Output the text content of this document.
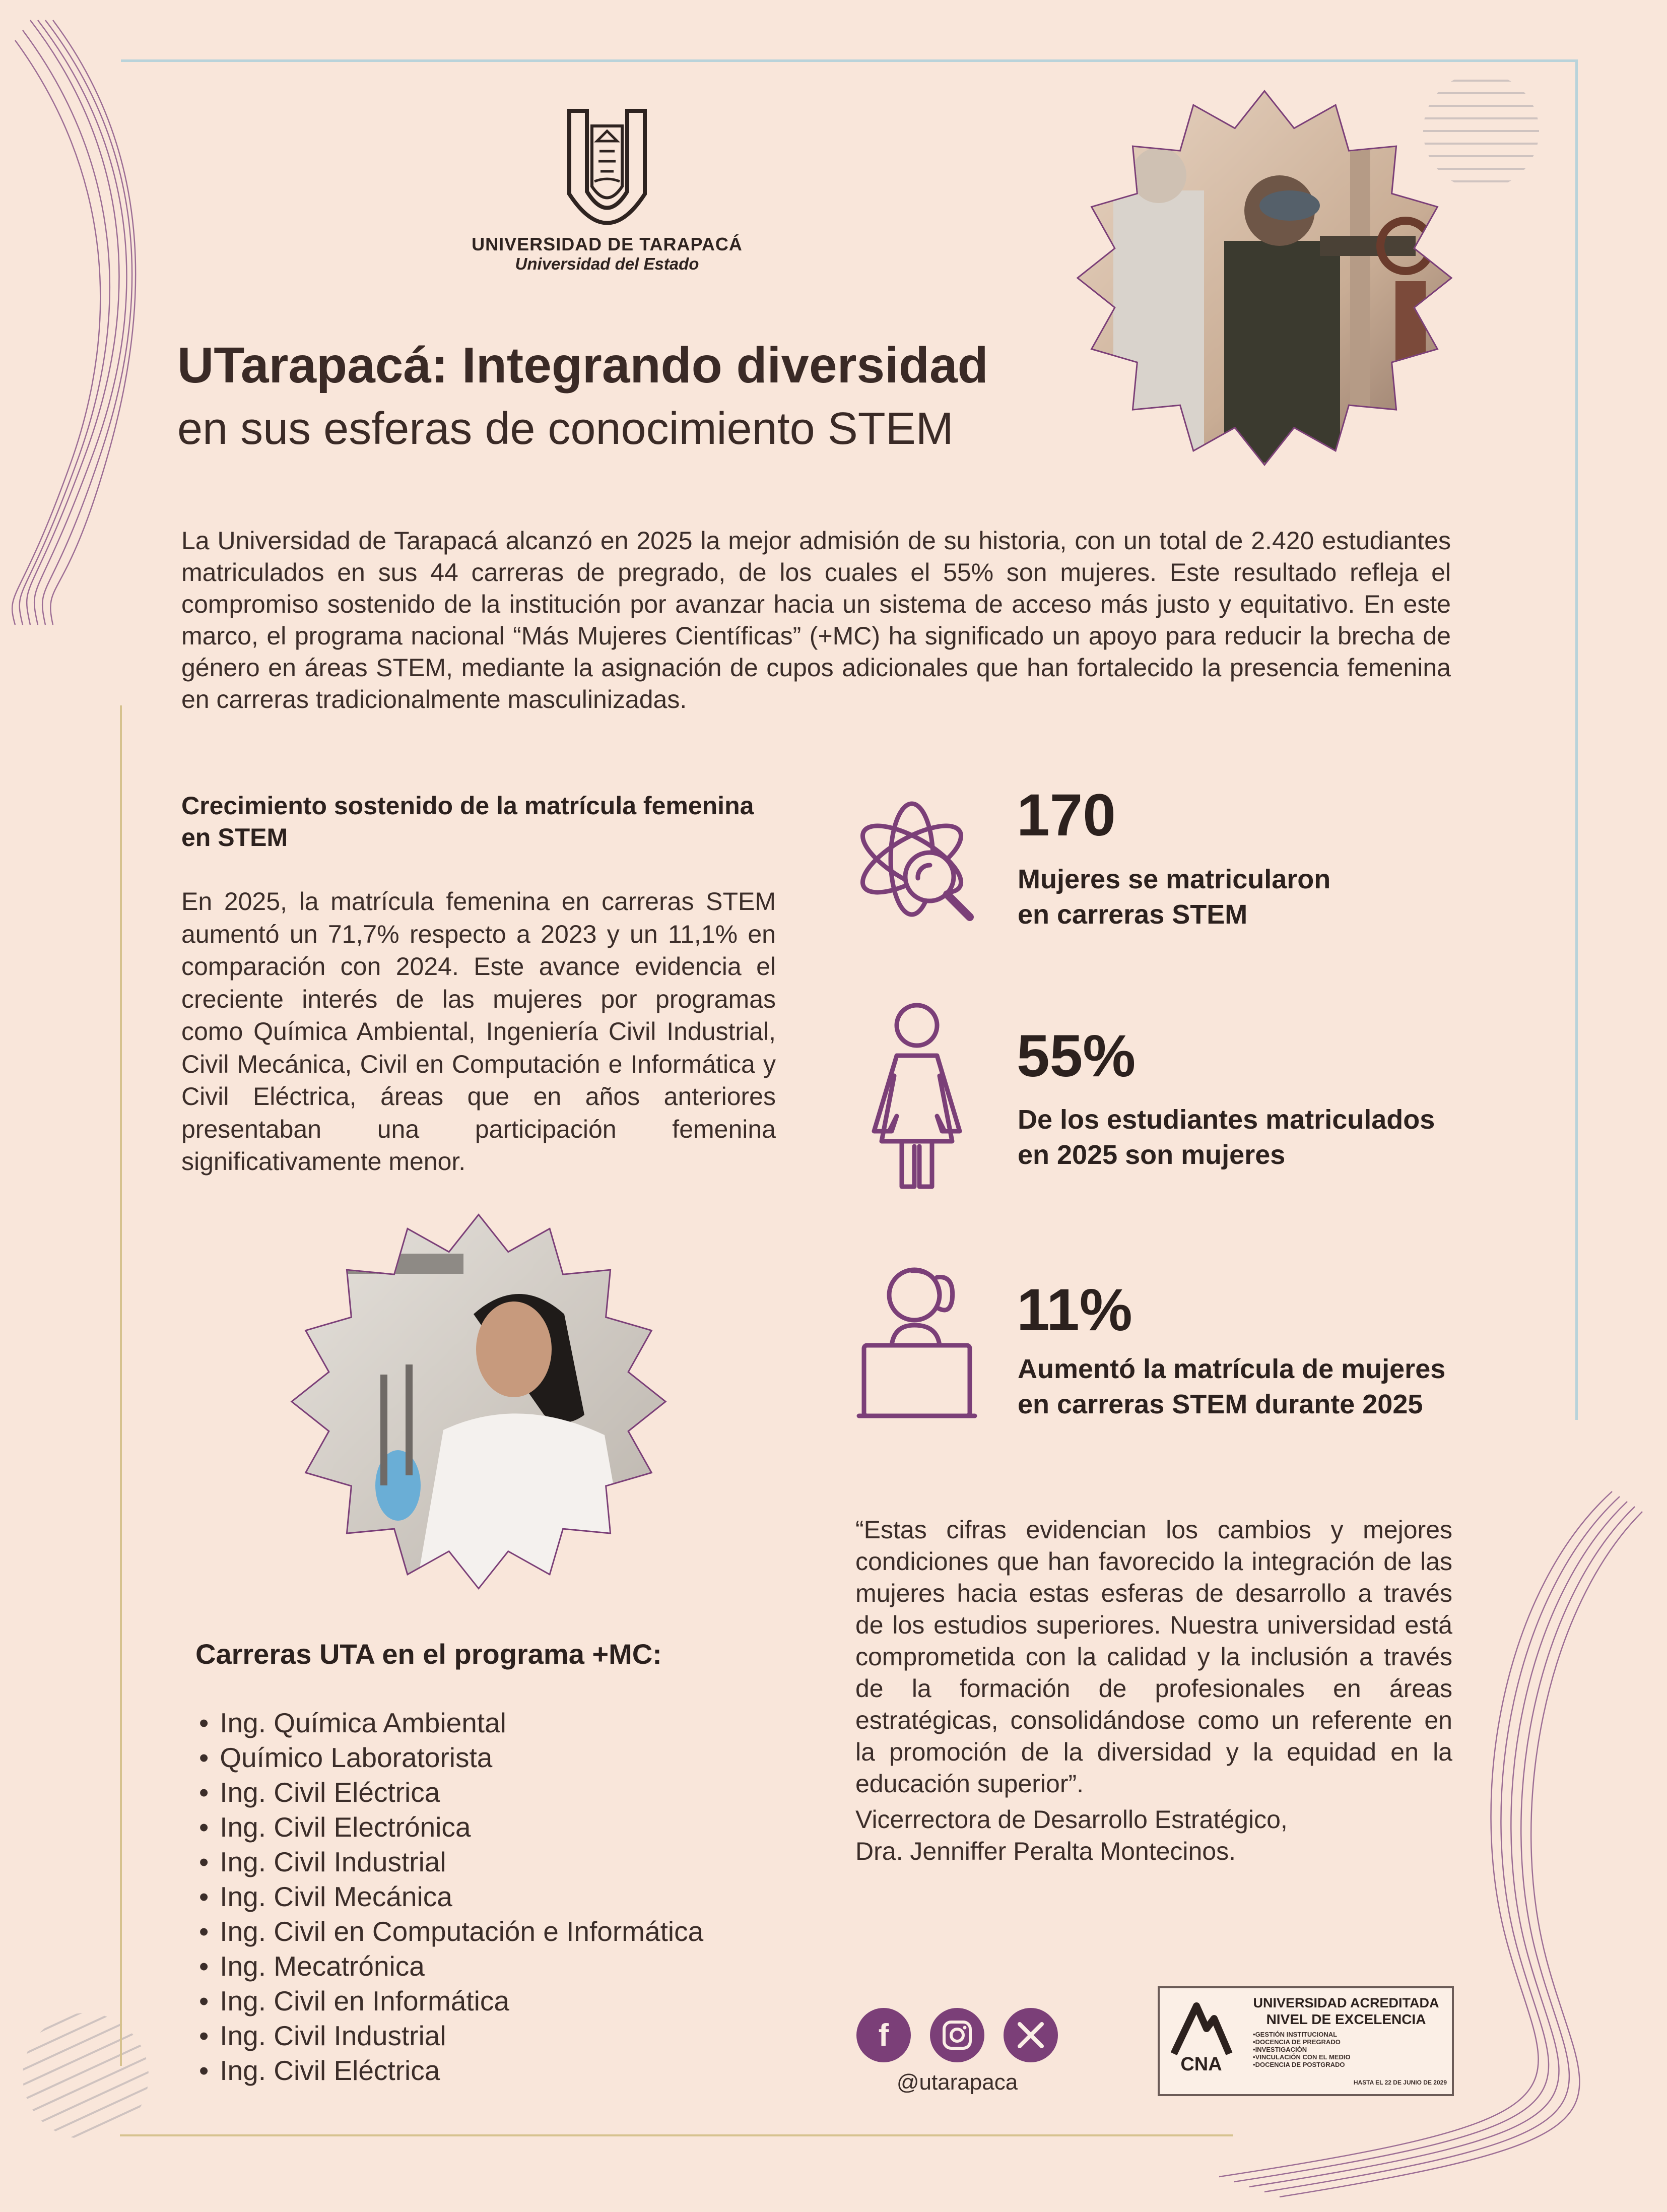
UNIVERSIDAD DE TARAPACÁ
Universidad del Estado
UTarapacá: Integrando diversidad
en sus esferas de conocimiento STEM
La Universidad de Tarapacá alcanzó en 2025 la mejor admisión de su historia, con un total de 2.420 estudiantes matriculados en sus 44 carreras de pregrado, de los cuales el 55% son mujeres. Este resultado refleja el compromiso sostenido de la institución por avanzar hacia un sistema de acceso más justo y equitativo. En este marco, el programa nacional “Más Mujeres Científicas” (+MC) ha significado un apoyo para reducir la brecha de género en áreas STEM, mediante la asignación de cupos adicionales que han fortalecido la presencia femenina en carreras tradicionalmente masculinizadas.
Crecimiento sostenido de la matrícula femenina en STEM
En 2025, la matrícula femenina en carreras STEM aumentó un 71,7% respecto a 2023 y un 11,1% en comparación con 2024. Este avance evidencia el creciente interés de las mujeres por programas como Química Ambiental, Ingeniería Civil Industrial, Civil Mecánica, Civil en Computación e Informática y Civil Eléctrica, áreas que en años anteriores presentaban una participación femenina significativamente menor.
170
Mujeres se matricularon
en carreras STEM
55%
De los estudiantes matriculados
en 2025 son mujeres
11%
Aumentó la matrícula de mujeres
en carreras STEM durante 2025
“Estas cifras evidencian los cambios y mejores condiciones que han favorecido la integración de las mujeres hacia estas esferas de desarrollo a través de los estudios superiores. Nuestra universidad está comprometida con la calidad y la inclusión a través de la formación de profesionales en áreas estratégicas, consolidándose como un referente en la promoción de la diversidad y la equidad en la educación superior”.
Vicerrectora de Desarrollo Estratégico,
Dra. Jenniffer Peralta Montecinos.
Carreras UTA en el programa +MC:
• Ing. Química Ambiental
• Químico Laboratorista
• Ing. Civil Eléctrica
• Ing. Civil Electrónica
• Ing. Civil Industrial
• Ing. Civil Mecánica
• Ing. Civil en Computación e Informática
• Ing. Mecatrónica
• Ing. Civil en Informática
• Ing. Civil Industrial
• Ing. Civil Eléctrica
f
@utarapaca
CNA
UNIVERSIDAD ACREDITADA
NIVEL DE EXCELENCIA
• GESTIÓN INSTITUCIONAL
• DOCENCIA DE PREGRADO
• INVESTIGACIÓN
• VINCULACIÓN CON EL MEDIO
• DOCENCIA DE POSTGRADO
HASTA EL 22 DE JUNIO DE 2029
